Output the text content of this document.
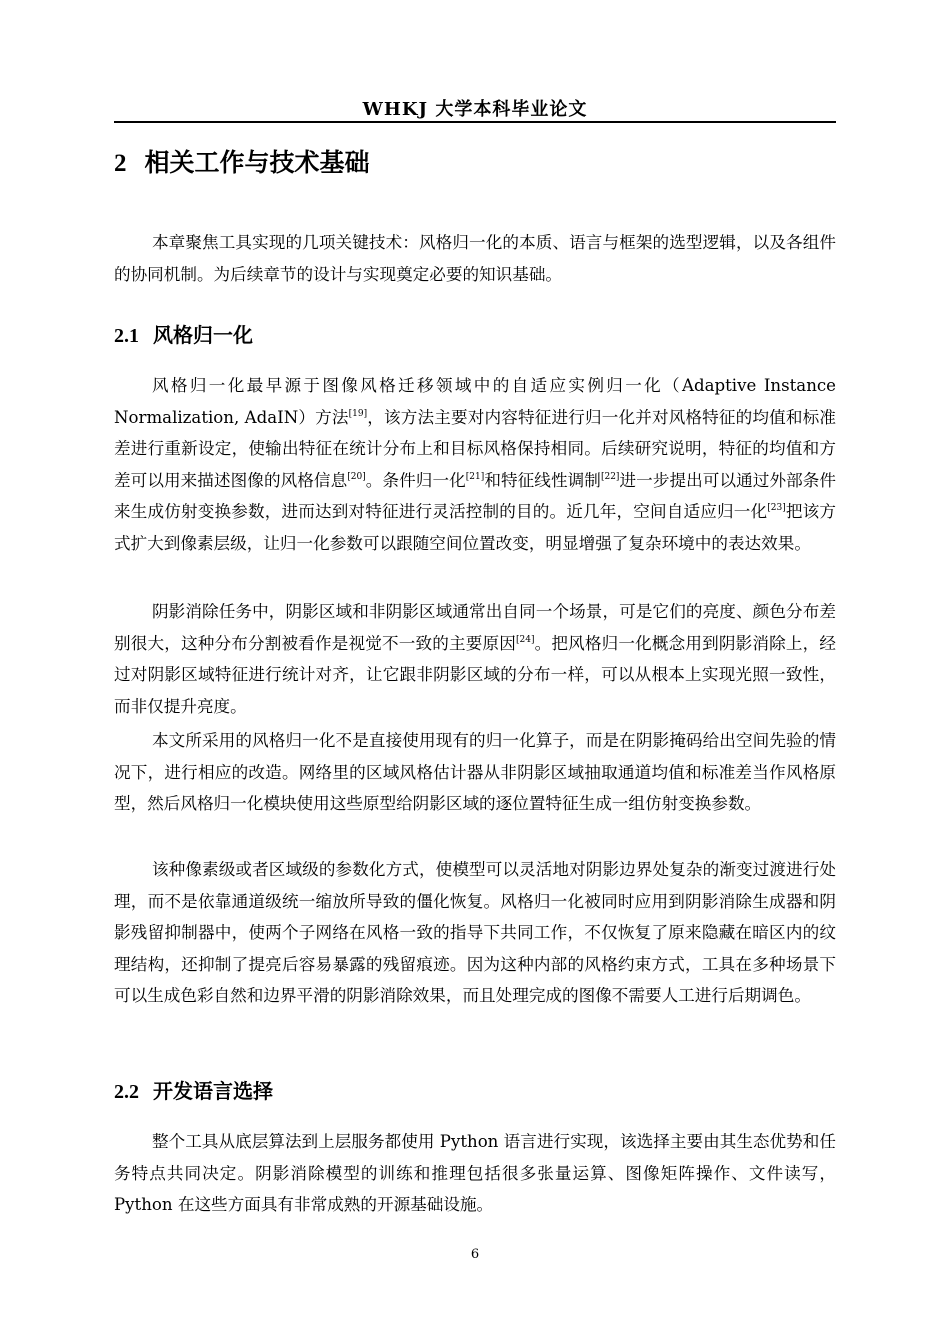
WHKJ 大学本科毕业论文
2 相关工作与技术基础

本章聚焦工具实现的几项关键技术：风格归一化的本质、语言与框架的选型逻辑，以及各组件的协同机制。为后续章节的设计与实现奠定必要的知识基础。

2.1 风格归一化

风格归一化最早源于图像风格迁移领域中的自适应实例归一化（Adaptive Instance Normalization, AdaIN）方法[19]，该方法主要对内容特征进行归一化并对风格特征的均值和标准差进行重新设定，使输出特征在统计分布上和目标风格保持相同。后续研究说明，特征的均值和方差可以用来描述图像的风格信息[20]。条件归一化[21]和特征线性调制[22]进一步提出可以通过外部条件来生成仿射变换参数，进而达到对特征进行灵活控制的目的。近几年，空间自适应归一化[23]把该方式扩大到像素层级，让归一化参数可以跟随空间位置改变，明显增强了复杂环境中的表达效果。

阴影消除任务中，阴影区域和非阴影区域通常出自同一个场景，可是它们的亮度、颜色分布差别很大，这种分布分割被看作是视觉不一致的主要原因[24]。把风格归一化概念用到阴影消除上，经过对阴影区域特征进行统计对齐，让它跟非阴影区域的分布一样，可以从根本上实现光照一致性，而非仅提升亮度。

本文所采用的风格归一化不是直接使用现有的归一化算子，而是在阴影掩码给出空间先验的情况下，进行相应的改造。网络里的区域风格估计器从非阴影区域抽取通道均值和标准差当作风格原型，然后风格归一化模块使用这些原型给阴影区域的逐位置特征生成一组仿射变换参数。

该种像素级或者区域级的参数化方式，使模型可以灵活地对阴影边界处复杂的渐变过渡进行处理，而不是依靠通道级统一缩放所导致的僵化恢复。风格归一化被同时应用到阴影消除生成器和阴影残留抑制器中，使两个子网络在风格一致的指导下共同工作，不仅恢复了原来隐藏在暗区内的纹理结构，还抑制了提亮后容易暴露的残留痕迹。因为这种内部的风格约束方式，工具在多种场景下可以生成色彩自然和边界平滑的阴影消除效果，而且处理完成的图像不需要人工进行后期调色。

2.2 开发语言选择

整个工具从底层算法到上层服务都使用 Python 语言进行实现，该选择主要由其生态优势和任务特点共同决定。阴影消除模型的训练和推理包括很多张量运算、图像矩阵操作、文件读写，Python 在这些方面具有非常成熟的开源基础设施。

6
